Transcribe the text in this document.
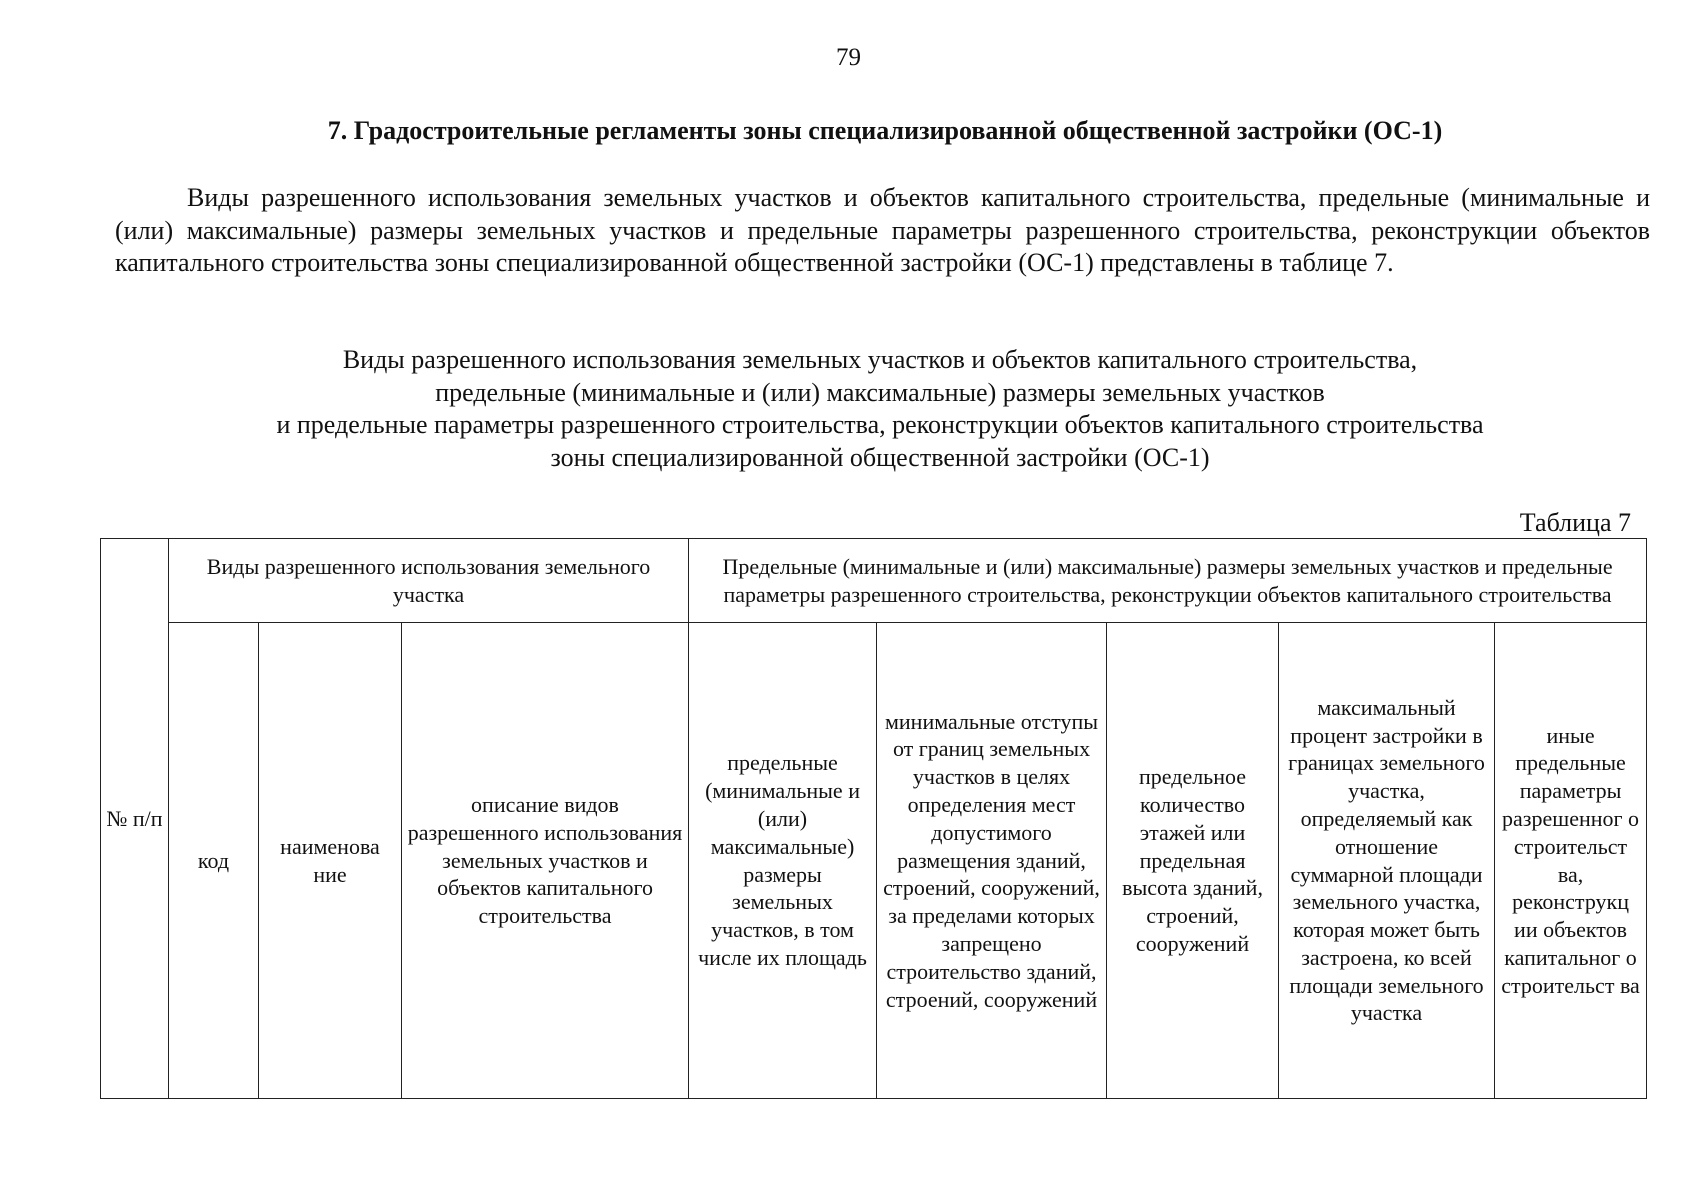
79
7. Градостроительные регламенты зоны специализированной общественной застройки (ОС-1)

Виды разрешенного использования земельных участков и объектов капитального строительства, предельные (минимальные и (или) максимальные) размеры земельных участков и предельные параметры разрешенного строительства, реконструкции объектов капитального строительства зоны специализированной общественной застройки (ОС-1) представлены в таблице 7.

Виды разрешенного использования земельных участков и объектов капитального строительства,
предельные (минимальные и (или) максимальные) размеры земельных участков
и предельные параметры разрешенного строительства, реконструкции объектов капитального строительства
зоны специализированной общественной застройки (ОС-1)
Таблица 7
№ п/п	Виды разрешенного использования земельного участка			Предельные (минимальные и (или) максимальные) размеры земельных участков и предельные параметры разрешенного строительства, реконструкции объектов капитального строительства				
	код	наименова ние	описание видов разрешенного использования земельных участков и объектов капитального строительства	предельные (минимальные и (или) максимальные) размеры земельных участков, в том числе их площадь	минимальные отступы от границ земельных участков в целях определения мест допустимого размещения зданий, строений, сооружений, за пределами которых запрещено строительство зданий, строений, сооружений	предельное количество этажей или предельная высота зданий, строений, сооружений	максимальный процент застройки в границах земельного участка, определяемый как отношение суммарной площади земельного участка, которая может быть застроена, ко всей площади земельного участка	иные предельные параметры разрешенног о строительст ва, реконструкц ии объектов капитальног о строительст ва
